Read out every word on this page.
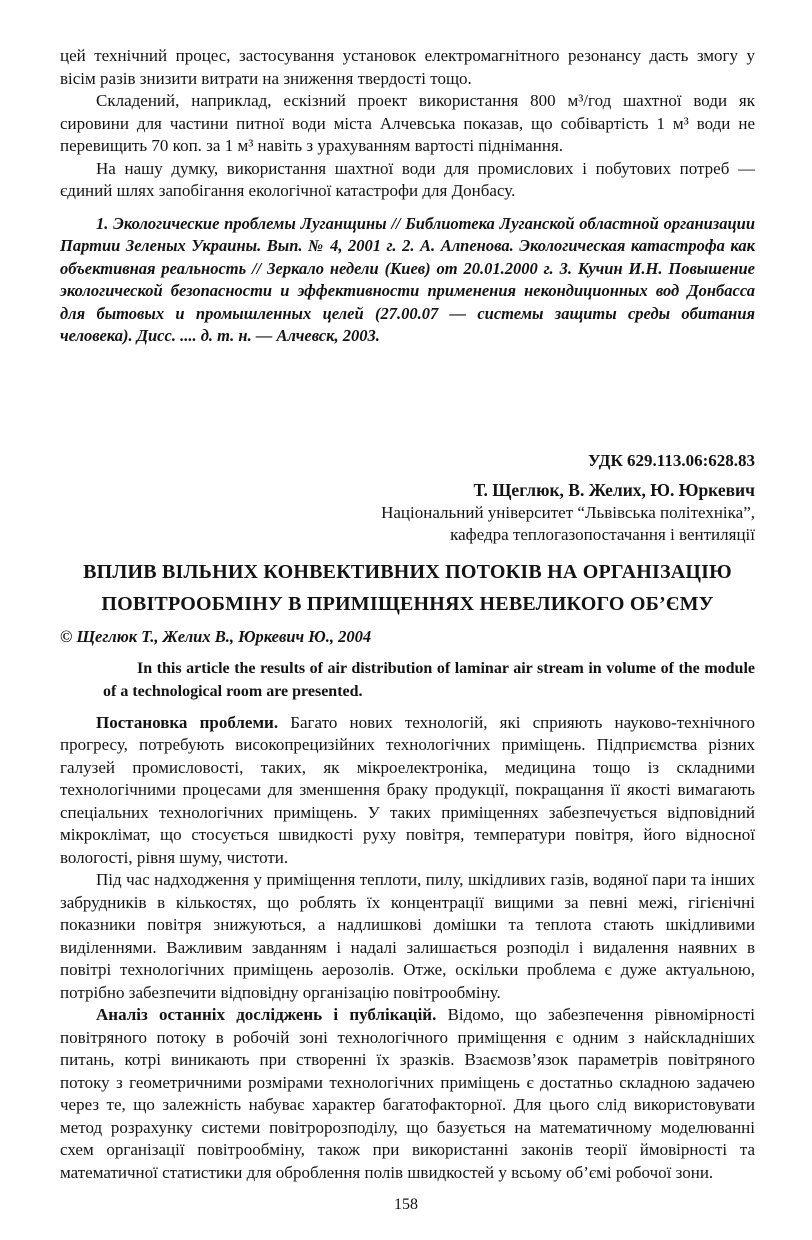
цей технічний процес, застосування установок електромагнітного резонансу дасть змогу у вісім разів знизити витрати на зниження твердості тощо.

Складений, наприклад, ескізний проект використання 800 м³/год шахтної води як сировини для частини питної води міста Алчевська показав, що собівартість 1 м³ води не перевищить 70 коп. за 1 м³ навіть з урахуванням вартості піднімання.

На нашу думку, використання шахтної води для промислових і побутових потреб — єдиний шлях запобігання екологічної катастрофи для Донбасу.

1. Экологические проблемы Луганщины // Библиотека Луганской областной организации Партии Зеленых Украины. Вып. № 4, 2001 г. 2. А. Алпенова. Экологическая катастрофа как объективная реальность // Зеркало недели (Киев) от 20.01.2000 г. 3. Кучин И.Н. Повышение экологической безопасности и эффективности применения некондиционных вод Донбасса для бытовых и промышленных целей (27.00.07 — системы защиты среды обитания человека). Дисс. .... д. т. н. — Алчевск, 2003.

УДК 629.113.06:628.83

Т. Щеглюк, В. Желих, Ю. Юркевич

Національний університет “Львівська політехніка”,

кафедра теплогазопостачання і вентиляції

ВПЛИВ ВІЛЬНИХ КОНВЕКТИВНИХ ПОТОКІВ НА ОРГАНІЗАЦІЮ
ПОВІТРООБМІНУ В ПРИМІЩЕННЯХ НЕВЕЛИКОГО ОБ’ЄМУ

© Щеглюк Т., Желих В., Юркевич Ю., 2004

In this article the results of air distribution of laminar air stream in volume of the module of a technological room are presented.

Постановка проблеми. Багато нових технологій, які сприяють науково-технічного прогресу, потребують високопрецизійних технологічних приміщень. Підприємства різних галузей промисловості, таких, як мікроелектроніка, медицина тощо із складними технологічними процесами для зменшення браку продукції, покращання її якості вимагають спеціальних технологічних приміщень. У таких приміщеннях забезпечується відповідний мікроклімат, що стосується швидкості руху повітря, температури повітря, його відносної вологості, рівня шуму, чистоти.

Під час надходження у приміщення теплоти, пилу, шкідливих газів, водяної пари та інших забрудників в кількостях, що роблять їх концентрації вищими за певні межі, гігієнічні показники повітря знижуються, а надлишкові домішки та теплота стають шкідливими виділеннями. Важливим завданням і надалі залишається розподіл і видалення наявних в повітрі технологічних приміщень аерозолів. Отже, оскільки проблема є дуже актуальною, потрібно забезпечити відповідну організацію повітрообміну.

Аналіз останніх досліджень і публікацій. Відомо, що забезпечення рівномірності повітряного потоку в робочій зоні технологічного приміщення є одним з найскладніших питань, котрі виникають при створенні їх зразків. Взаємозв’язок параметрів повітряного потоку з геометричними розмірами технологічних приміщень є достатньо складною задачею через те, що залежність набуває характер багатофакторної. Для цього слід використовувати метод розрахунку системи повітророзподілу, що базується на математичному моделюванні схем організації повітрообміну, також при використанні законів теорії ймовірності та математичної статистики для оброблення полів швидкостей у всьому об’ємі робочої зони.

158
